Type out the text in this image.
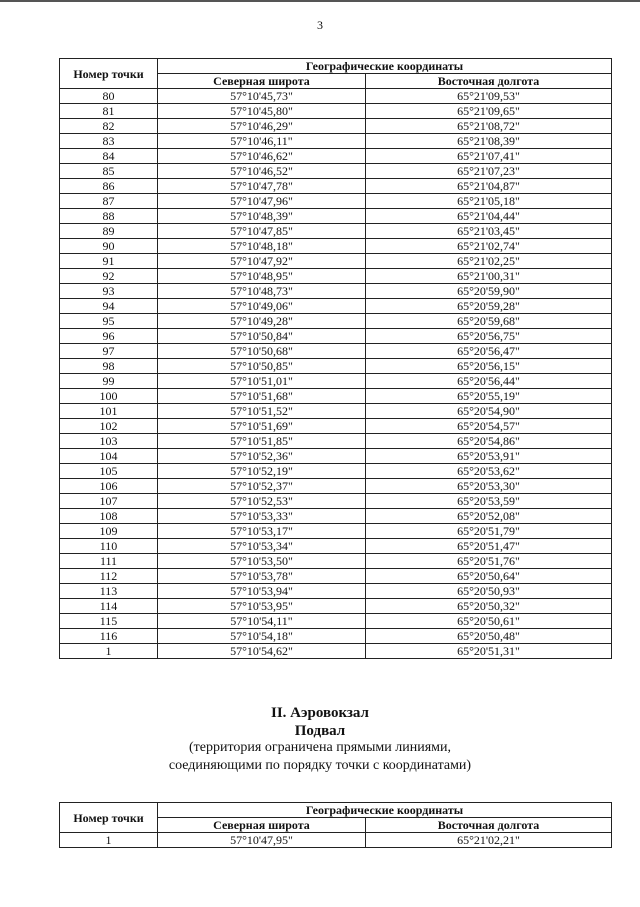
3
Номер точки	Географические координаты	
	Северная широта	Восточная долгота
80	57°10'45,73"	65°21'09,53"
81	57°10'45,80"	65°21'09,65"
82	57°10'46,29"	65°21'08,72"
83	57°10'46,11"	65°21'08,39"
84	57°10'46,62"	65°21'07,41"
85	57°10'46,52"	65°21'07,23"
86	57°10'47,78"	65°21'04,87"
87	57°10'47,96"	65°21'05,18"
88	57°10'48,39"	65°21'04,44"
89	57°10'47,85"	65°21'03,45"
90	57°10'48,18"	65°21'02,74"
91	57°10'47,92"	65°21'02,25"
92	57°10'48,95"	65°21'00,31"
93	57°10'48,73"	65°20'59,90"
94	57°10'49,06"	65°20'59,28"
95	57°10'49,28"	65°20'59,68"
96	57°10'50,84"	65°20'56,75"
97	57°10'50,68"	65°20'56,47"
98	57°10'50,85"	65°20'56,15"
99	57°10'51,01"	65°20'56,44"
100	57°10'51,68"	65°20'55,19"
101	57°10'51,52"	65°20'54,90"
102	57°10'51,69"	65°20'54,57"
103	57°10'51,85"	65°20'54,86"
104	57°10'52,36"	65°20'53,91"
105	57°10'52,19"	65°20'53,62"
106	57°10'52,37"	65°20'53,30"
107	57°10'52,53"	65°20'53,59"
108	57°10'53,33"	65°20'52,08"
109	57°10'53,17"	65°20'51,79"
110	57°10'53,34"	65°20'51,47"
111	57°10'53,50"	65°20'51,76"
112	57°10'53,78"	65°20'50,64"
113	57°10'53,94"	65°20'50,93"
114	57°10'53,95"	65°20'50,32"
115	57°10'54,11"	65°20'50,61"
116	57°10'54,18"	65°20'50,48"
1	57°10'54,62"	65°20'51,31"
II. Аэровокзал
Подвал
(территория ограничена прямыми линиями,
соединяющими по порядку точки с координатами)
Номер точки	Географические координаты	
	Северная широта	Восточная долгота
1	57°10'47,95"	65°21'02,21"
